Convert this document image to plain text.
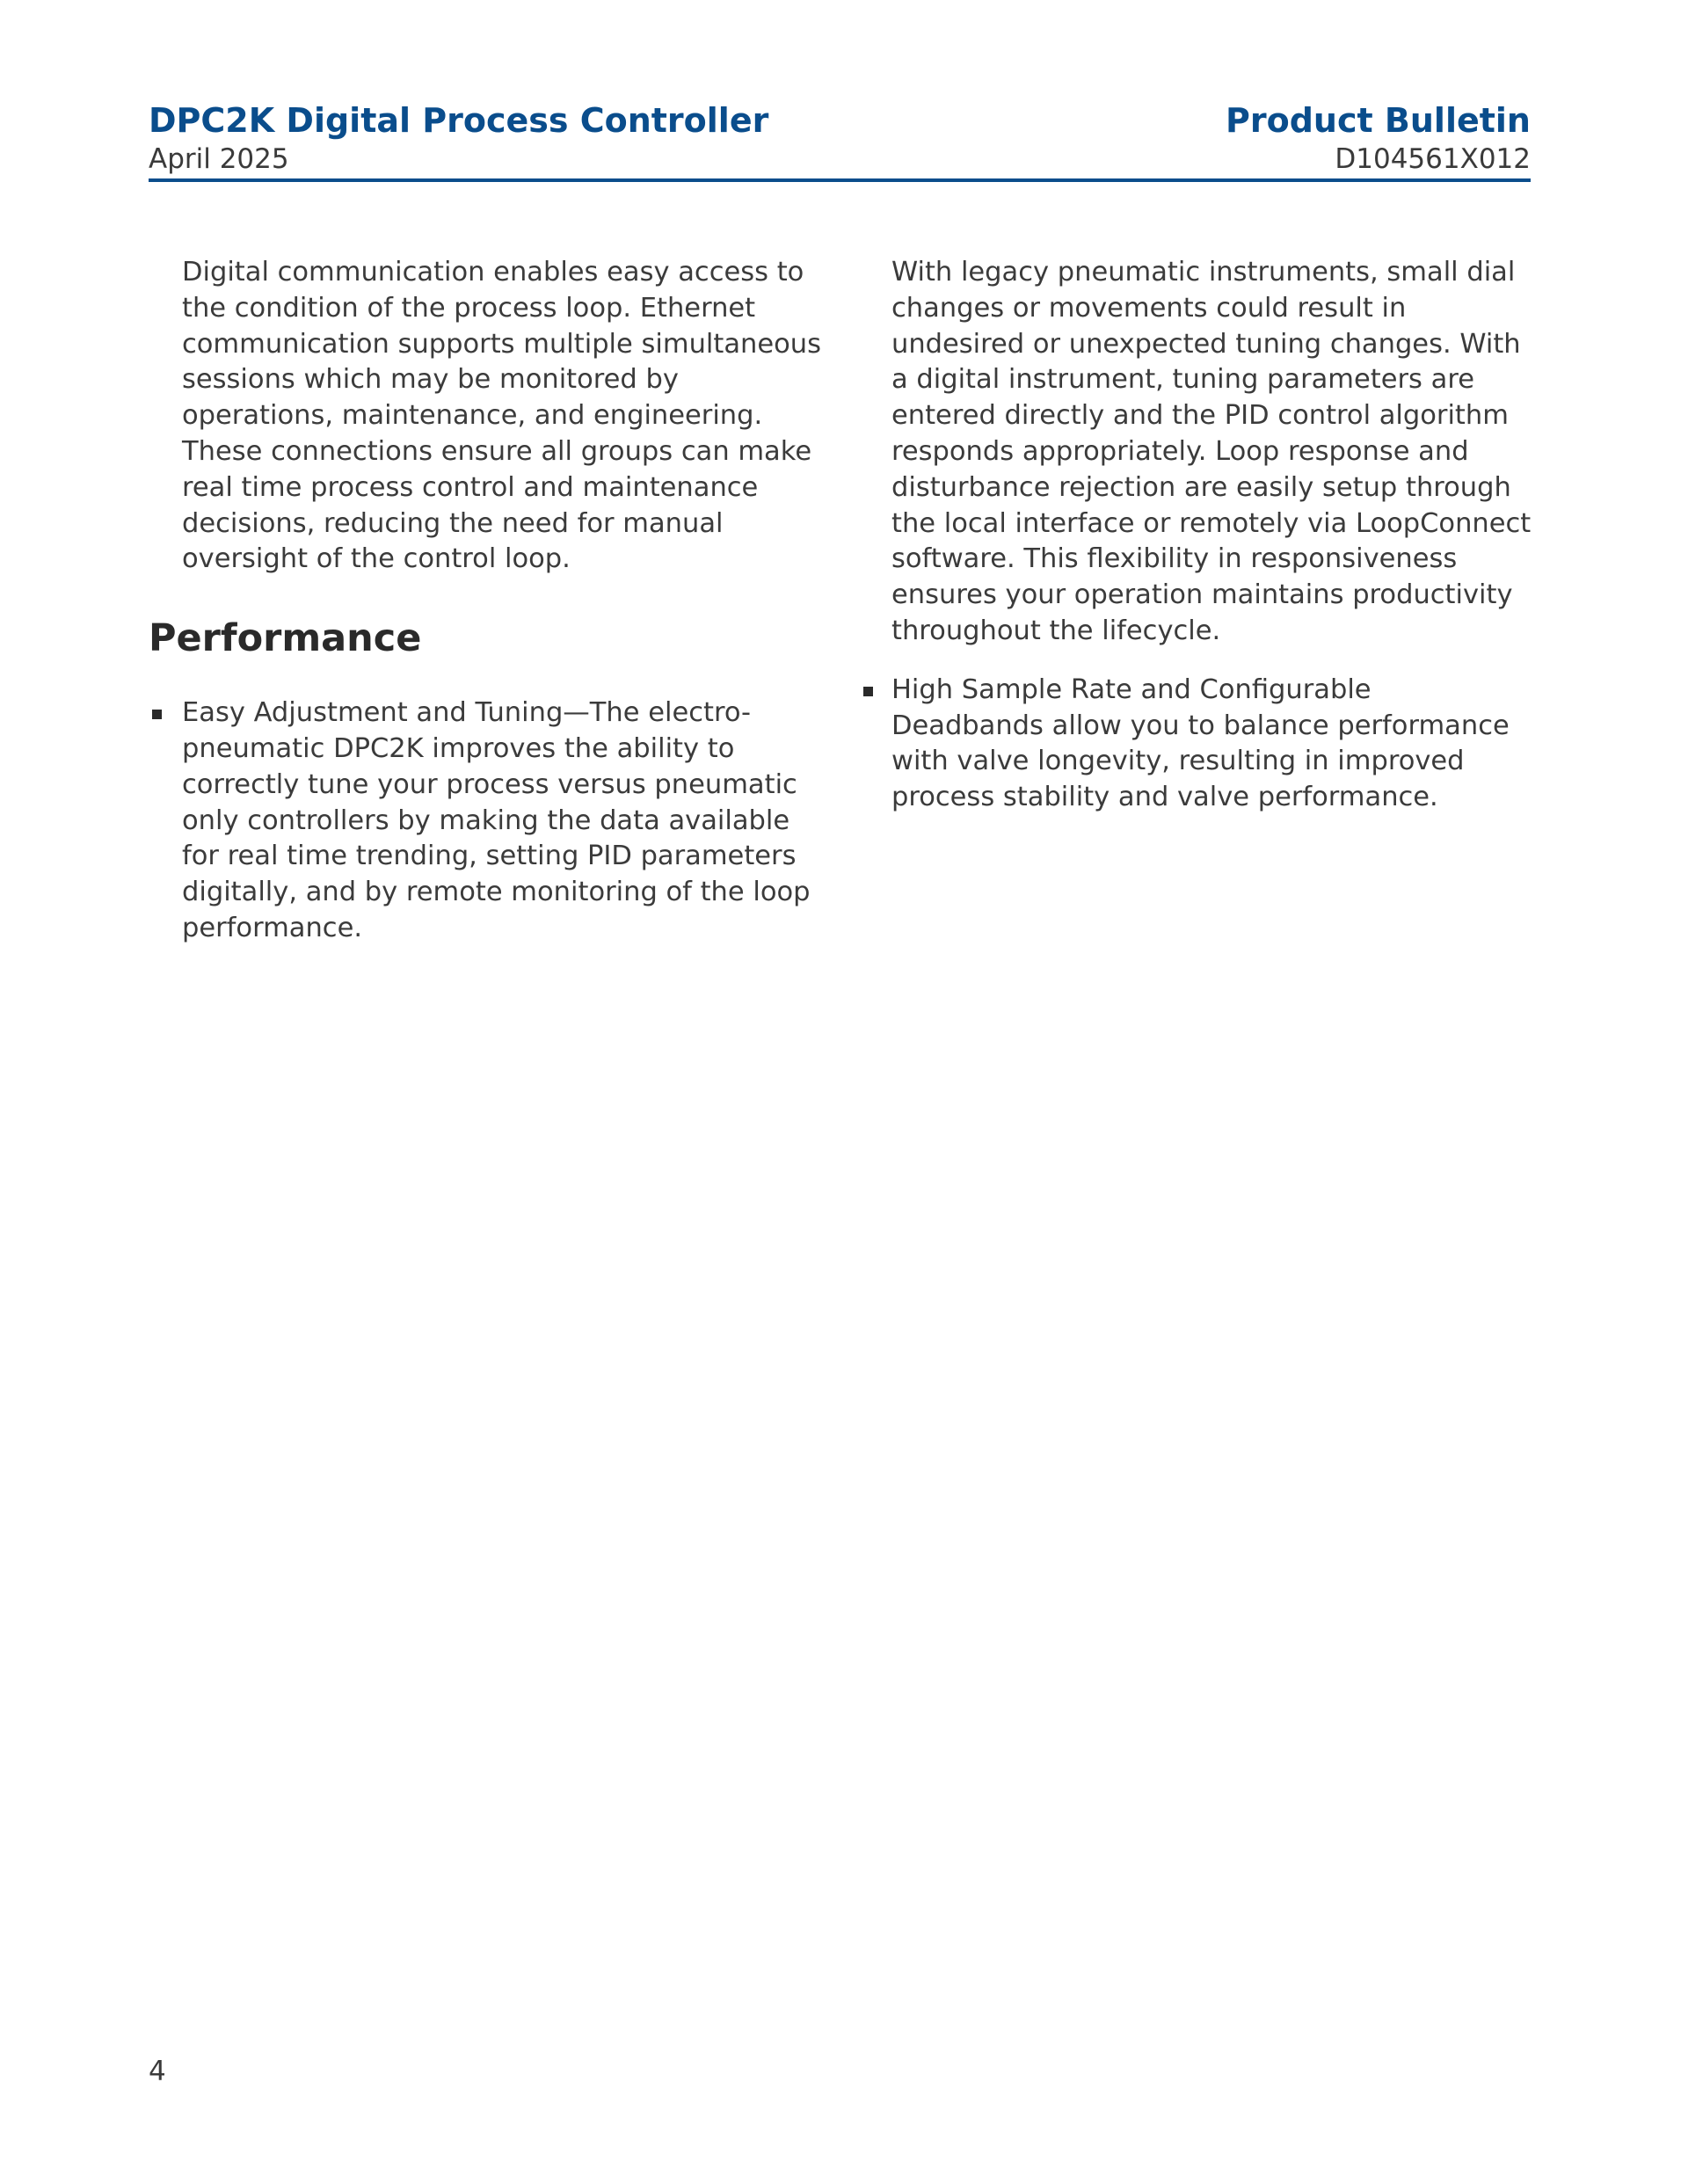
DPC2K Digital Process Controller	Product Bulletin
April 2025	D104561X012

Digital communication enables easy access to the condition of the process loop. Ethernet communication supports multiple simultaneous sessions which may be monitored by operations, maintenance, and engineering. These connections ensure all groups can make real time process control and maintenance decisions, reducing the need for manual oversight of the control loop.

Performance
Easy Adjustment and Tuning—The electro-pneumatic DPC2K improves the ability to correctly tune your process versus pneumatic only controllers by making the data available for real time trending, setting PID parameters digitally, and by remote monitoring of the loop performance.

With legacy pneumatic instruments, small dial changes or movements could result in undesired or unexpected tuning changes. With a digital instrument, tuning parameters are entered directly and the PID control algorithm responds appropriately. Loop response and disturbance rejection are easily setup through the local interface or remotely via LoopConnect software. This flexibility in responsiveness ensures your operation maintains productivity throughout the lifecycle.

High Sample Rate and Configurable Deadbands allow you to balance performance with valve longevity, resulting in improved process stability and valve performance.
4
